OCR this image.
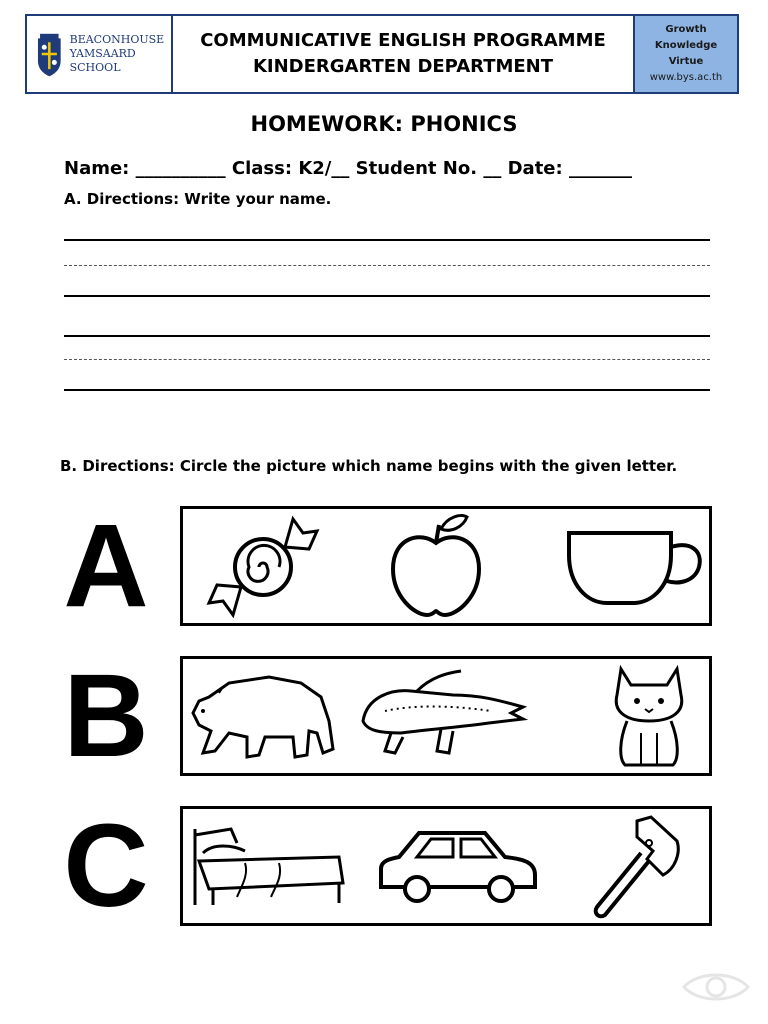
BEACONHOUSE
YAMSAARD SCHOOL
COMMUNICATIVE ENGLISH PROGRAMME
KINDERGARTEN DEPARTMENT
Growth
Knowledge
Virtue
www.bys.ac.th
HOMEWORK: PHONICS
Name: __________ Class: K2/__ Student No. __ Date: _______
A. Directions: Write your name.
B. Directions: Circle the picture which name begins with the given letter.
A
B
C
